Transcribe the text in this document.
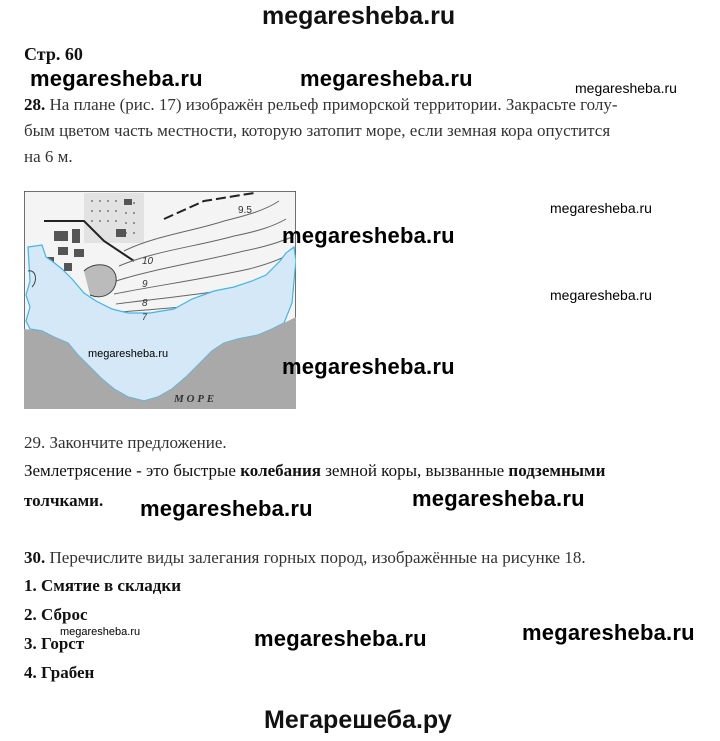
megaresheba.ru
Стр. 60
megaresheba.ru	megaresheba.ru	megaresheba.ru
28. На плане (рис. 17) изображён рельеф приморской территории. Закрасьте голу-
бым цветом часть местности, которую затопит море, если земная кора опустится
на 6 м.
9.5
10
9
8
7
М О Р Е
megaresheba.ru
megaresheba.ru
megaresheba.ru
megaresheba.ru	megaresheba.ru
29. Закончите предложение.
Землетрясение - это быстрые колебания земной коры, вызванные подземными
толчками. megaresheba.ru	megaresheba.ru
30. Перечислите виды залегания горных пород, изображённые на рисунке 18.
1. Смятие в складки
2. Сброс
3. Горст
4. Грабен
megaresheba.ru	megaresheba.ru	megaresheba.ru
Мегарешеба.ру
